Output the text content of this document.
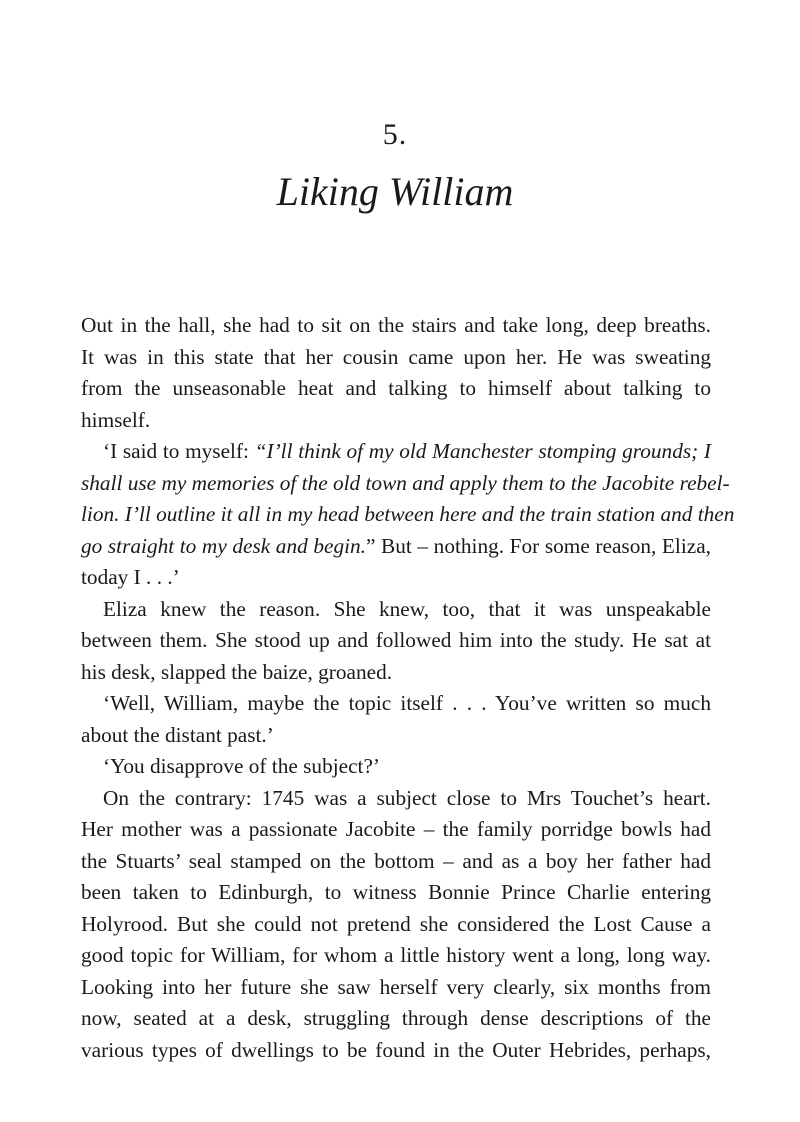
5.
Liking William
Out in the hall, she had to sit on the stairs and take long, deep breaths.
It was in this state that her cousin came upon her. He was sweating
from the unseasonable heat and talking to himself about talking to
himself.
‘I said to myself: “I’ll think of my old Manchester stomping grounds; I
shall use my memories of the old town and apply them to the Jacobite rebel-
lion. I’ll outline it all in my head between here and the train station and then
go straight to my desk and begin.” But – nothing. For some reason, Eliza,
today I . . .’
Eliza knew the reason. She knew, too, that it was unspeakable
between them. She stood up and followed him into the study. He sat at
his desk, slapped the baize, groaned.
‘Well, William, maybe the topic itself . . . You’ve written so much
about the distant past.’
‘You disapprove of the subject?’
On the contrary: 1745 was a subject close to Mrs Touchet’s heart.
Her mother was a passionate Jacobite – the family porridge bowls had
the Stuarts’ seal stamped on the bottom – and as a boy her father had
been taken to Edinburgh, to witness Bonnie Prince Charlie entering
Holyrood. But she could not pretend she considered the Lost Cause a
good topic for William, for whom a little history went a long, long way.
Looking into her future she saw herself very clearly, six months from
now, seated at a desk, struggling through dense descriptions of the
various types of dwellings to be found in the Outer Hebrides, perhaps,
